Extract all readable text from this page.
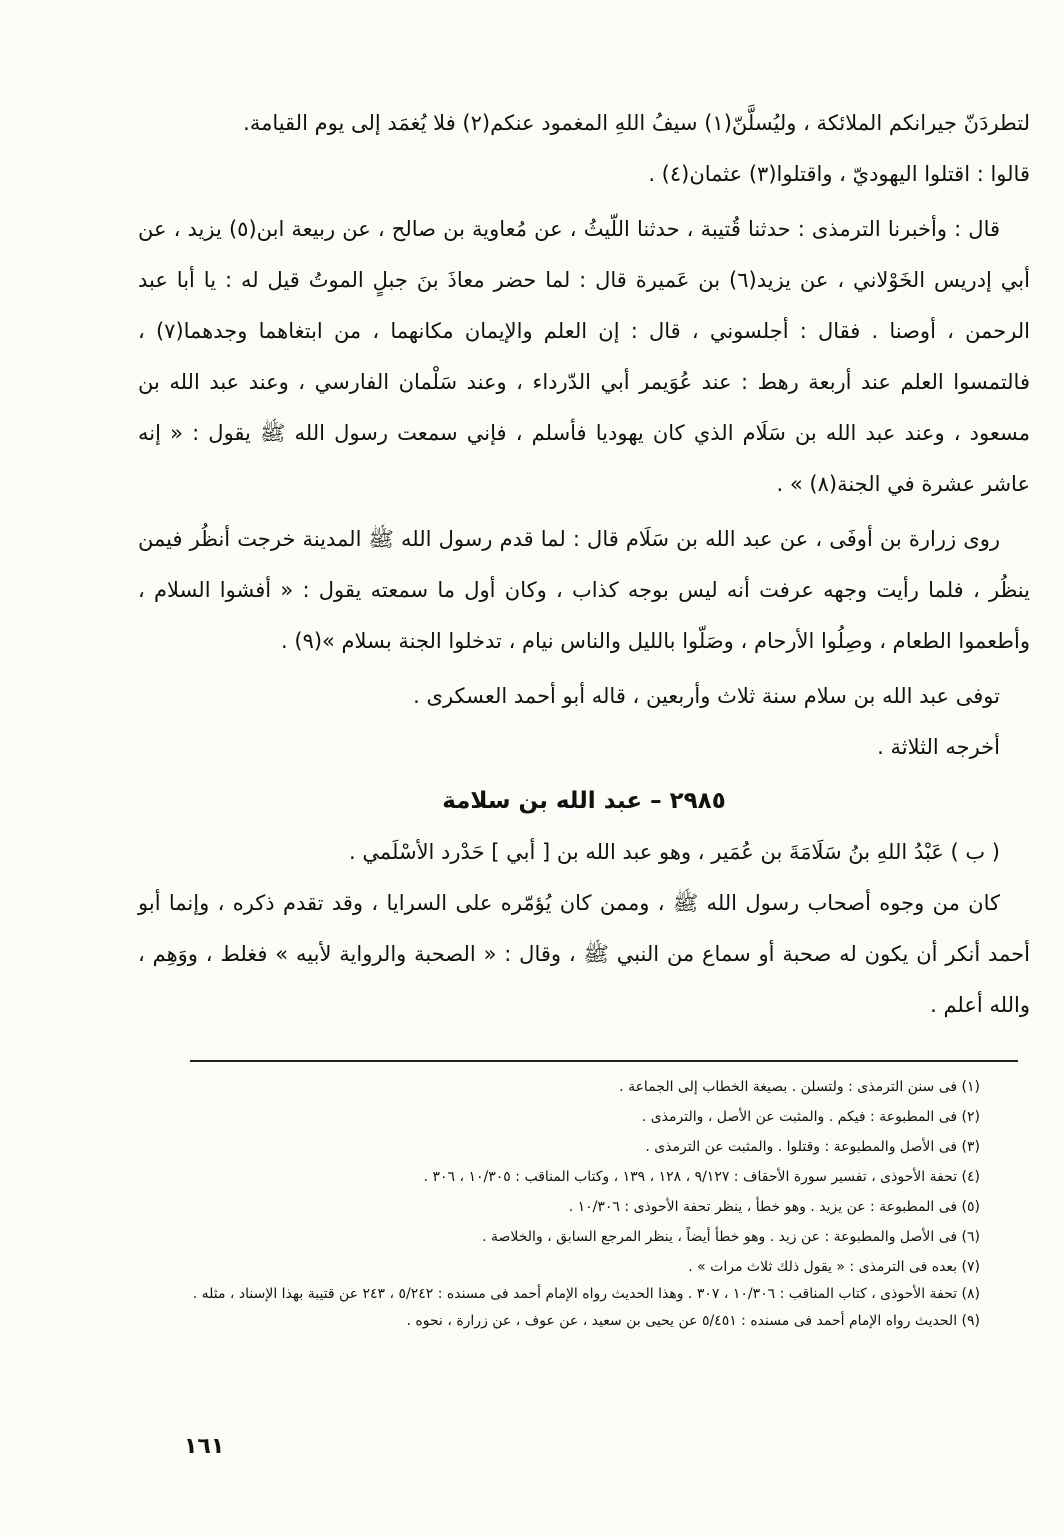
لتطردَنّ جيرانكم الملائكة ، وليُسلَّنّ(١) سيفُ اللهِ المغمود عنكم(٢) فلا يُغمَد إلى يوم القيامة.

قالوا : اقتلوا اليهوديّ ، واقتلوا(٣) عثمان(٤) .

قال : وأخبرنا الترمذى : حدثنا قُتيبة ، حدثنا اللّيثُ ، عن مُعاوية بن صالح ، عن ربيعة ابن(٥) يزيد ، عن أبي إدريس الخَوْلاني ، عن يزيد(٦) بن عَميرة قال : لما حضر معاذَ بنَ جبلٍ الموتُ قيل له : يا أبا عبد الرحمن ، أوصنا . فقال : أجلسوني ، قال : إن العلم والإيمان مكانهما ، من ابتغاهما وجدهما(٧) ، فالتمسوا العلم عند أربعة رهط : عند عُوَيمر أبي الدّرداء ، وعند سَلْمان الفارسي ، وعند عبد الله بن مسعود ، وعند عبد الله بن سَلَام الذي كان يهوديا فأسلم ، فإني سمعت رسول الله ﷺ يقول : « إنه عاشر عشرة في الجنة(٨) » .

روى زرارة بن أوفَى ، عن عبد الله بن سَلَام قال : لما قدم رسول الله ﷺ المدينة خرجت أنظُر فيمن ينظُر ، فلما رأيت وجهه عرفت أنه ليس بوجه كذاب ، وكان أول ما سمعته يقول : « أفشوا السلام ، وأطعموا الطعام ، وصِلُوا الأرحام ، وصَلّوا بالليل والناس نيام ، تدخلوا الجنة بسلام »(٩) .

توفى عبد الله بن سلام سنة ثلاث وأربعين ، قاله أبو أحمد العسكرى .

أخرجه الثلاثة .

٢٩٨٥ – عبد الله بن سلامة

( ب ) عَبْدُ اللهِ بنُ سَلَامَةَ بن عُمَير ، وهو عبد الله بن [ أبي ] حَدْرد الأسْلَمي .

كان من وجوه أصحاب رسول الله ﷺ ، وممن كان يُؤمّره على السرايا ، وقد تقدم ذكره ، وإنما أبو أحمد أنكر أن يكون له صحبة أو سماع من النبي ﷺ ، وقال : « الصحبة والرواية لأبيه » فغلط ، ووَهِم ، والله أعلم .

(١) فى سنن الترمذى : ولتسلن . بصيغة الخطاب إلى الجماعة .

(٢) فى المطبوعة : فيكم . والمثبت عن الأصل ، والترمذى .

(٣) فى الأصل والمطبوعة : وقتلوا . والمثبت عن الترمذى .

(٤) تحفة الأحوذى ، تفسير سورة الأحقاف : ٩/١٢٧ ، ١٢٨ ، ١٣٩ ، وكتاب المناقب : ١٠/٣٠٥ ، ٣٠٦ .

(٥) فى المطبوعة : عن يزيد . وهو خطأ ، ينظر تحفة الأحوذى : ١٠/٣٠٦ .

(٦) فى الأصل والمطبوعة : عن زيد . وهو خطأ أيضاً ، ينظر المرجع السابق ، والخلاصة .

(٧) بعده فى الترمذى : « يقول ذلك ثلاث مرات » .

(٨) تحفة الأحوذى ، كتاب المناقب : ١٠/٣٠٦ ، ٣٠٧ . وهذا الحديث رواه الإمام أحمد فى مسنده : ٥/٢٤٢ ، ٢٤٣ عن قتيبة بهذا الإسناد ، مثله .

(٩) الحديث رواه الإمام أحمد فى مسنده : ٥/٤٥١ عن يحيى بن سعيد ، عن عوف ، عن زرارة ، نحوه .

١٦١
